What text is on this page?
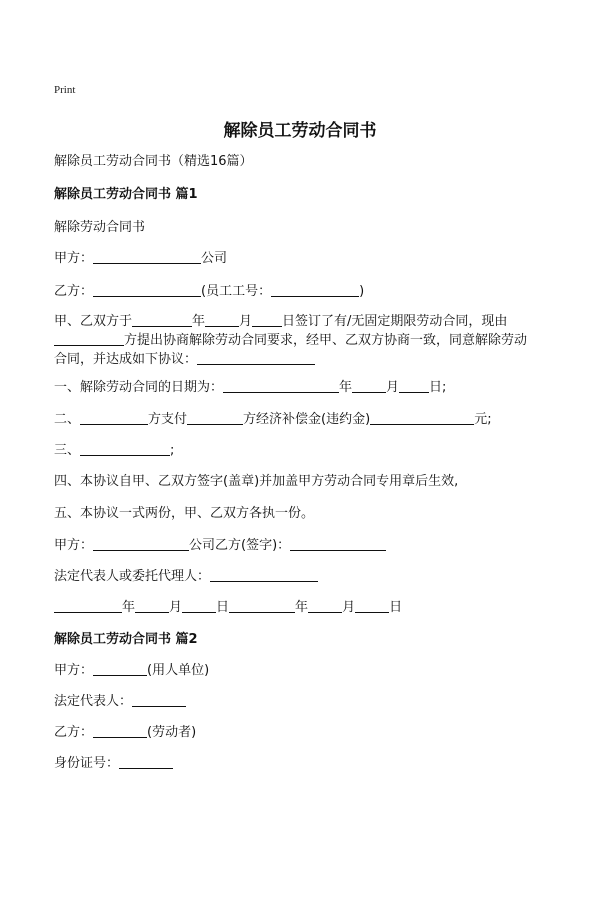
Print
解除员工劳动合同书
解除员工劳动合同书（精选16篇）
解除员工劳动合同书 篇1
解除劳动合同书
甲方：	公司
乙方：	(员工工号：	)
甲、乙双方于	年	月 日签订了有/无固定期限劳动合同，现由
方提出协商解除劳动合同要求，经甲、乙双方协商一致，同意解除劳动
合同，并达成如下协议：
一、解除劳动合同的日期为：	年	月 日;
二、	方支付	方经济补偿金(违约金)	元;
三、	;
四、本协议自甲、乙双方签字(盖章)并加盖甲方劳动合同专用章后生效,
五、本协议一式两份，甲、乙双方各执一份。
甲方：	公司乙方(签字)：
法定代表人或委托代理人：
年	月	日	年	月	日
解除员工劳动合同书 篇2
甲方：	(用人单位)
法定代表人：
乙方：	(劳动者)
身份证号：
